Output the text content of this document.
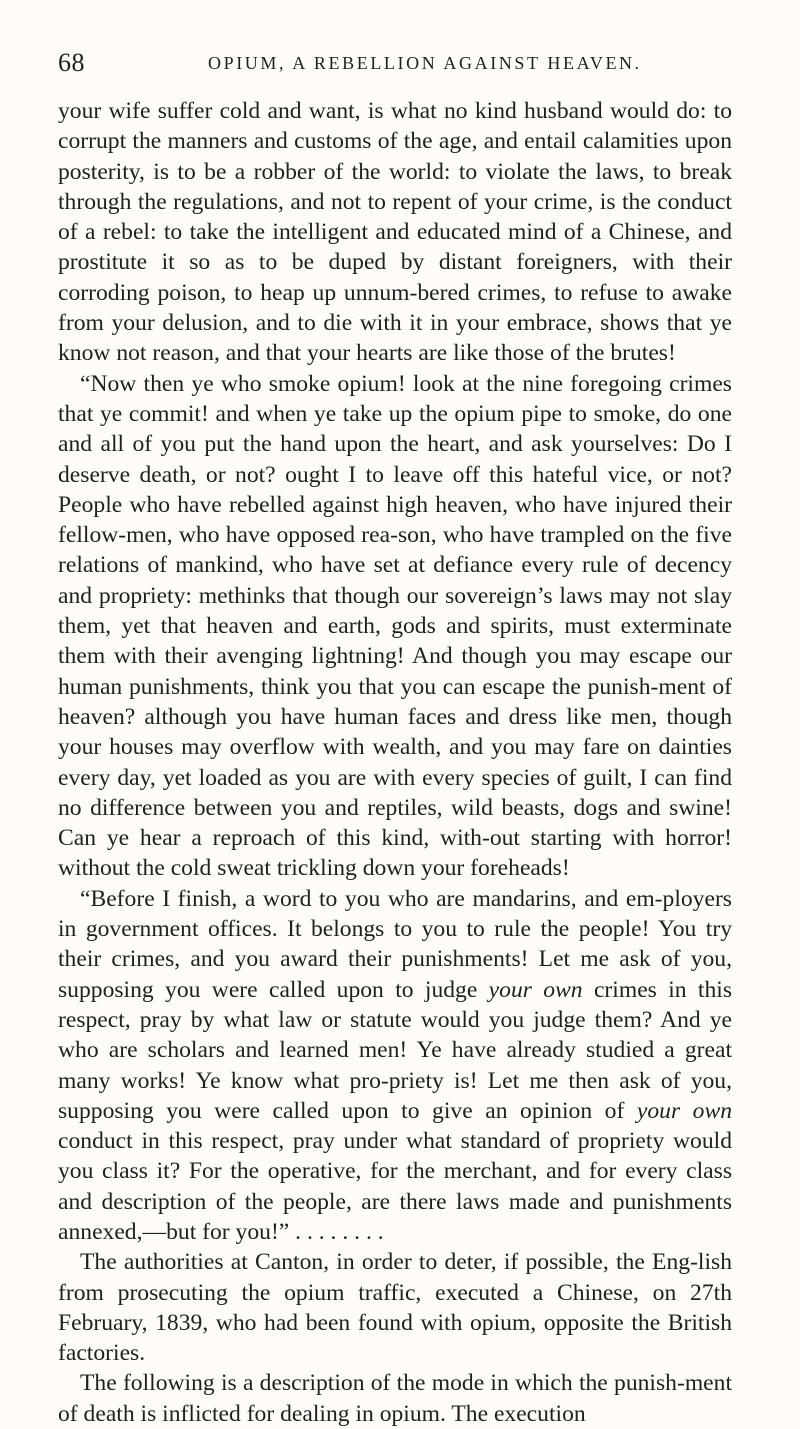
68	OPIUM, A REBELLION AGAINST HEAVEN.

your wife suffer cold and want, is what no kind husband would do: to corrupt the manners and customs of the age, and entail calamities upon posterity, is to be a robber of the world: to violate the laws, to break through the regulations, and not to repent of your crime, is the conduct of a rebel: to take the intelligent and educated mind of a Chinese, and prostitute it so as to be duped by distant foreigners, with their corroding poison, to heap up unnum-bered crimes, to refuse to awake from your delusion, and to die with it in your embrace, shows that ye know not reason, and that your hearts are like those of the brutes!

“Now then ye who smoke opium! look at the nine foregoing crimes that ye commit! and when ye take up the opium pipe to smoke, do one and all of you put the hand upon the heart, and ask yourselves: Do I deserve death, or not? ought I to leave off this hateful vice, or not? People who have rebelled against high heaven, who have injured their fellow-men, who have opposed rea-son, who have trampled on the five relations of mankind, who have set at defiance every rule of decency and propriety: methinks that though our sovereign’s laws may not slay them, yet that heaven and earth, gods and spirits, must exterminate them with their avenging lightning! And though you may escape our human punishments, think you that you can escape the punish-ment of heaven? although you have human faces and dress like men, though your houses may overflow with wealth, and you may fare on dainties every day, yet loaded as you are with every species of guilt, I can find no difference between you and reptiles, wild beasts, dogs and swine! Can ye hear a reproach of this kind, with-out starting with horror! without the cold sweat trickling down your foreheads!

“Before I finish, a word to you who are mandarins, and em-ployers in government offices. It belongs to you to rule the people! You try their crimes, and you award their punishments! Let me ask of you, supposing you were called upon to judge your own crimes in this respect, pray by what law or statute would you judge them? And ye who are scholars and learned men! Ye have already studied a great many works! Ye know what pro-priety is! Let me then ask of you, supposing you were called upon to give an opinion of your own conduct in this respect, pray under what standard of propriety would you class it? For the operative, for the merchant, and for every class and description of the people, are there laws made and punishments annexed,—but for you!” . . . . . . . .

The authorities at Canton, in order to deter, if possible, the Eng-lish from prosecuting the opium traffic, executed a Chinese, on 27th February, 1839, who had been found with opium, opposite the British factories.

The following is a description of the mode in which the punish-ment of death is inflicted for dealing in opium. The execution
